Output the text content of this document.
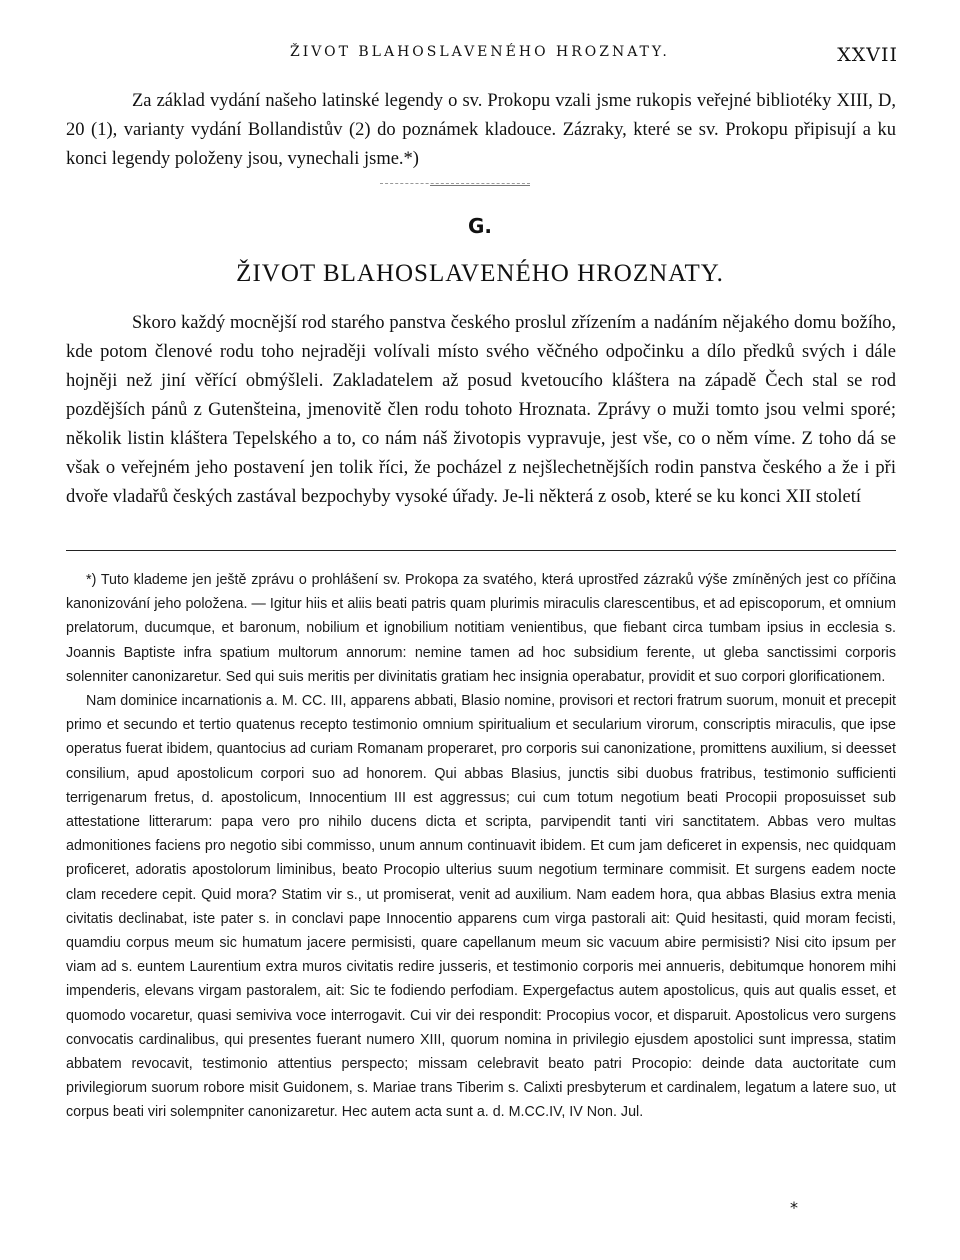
ŽIVOT BLAHOSLAVENÉHO HROZNATY.	XXVII

Za základ vydání našeho latinské legendy o sv. Prokopu vzali jsme rukopis veřejné bibliotéky XIII, D, 20 (1), varianty vydání Bollandistův (2) do poznámek kladouce. Zázraky, které se sv. Prokopu připisují a ku konci legendy položeny jsou, vynechali jsme.*)

G.
ŽIVOT BLAHOSLAVENÉHO HROZNATY.

Skoro každý mocnější rod starého panstva českého proslul zřízením a nadáním nějakého domu božího, kde potom členové rodu toho nejraději volívali místo svého věčného odpočinku a dílo předků svých i dále hojněji než jiní věřící obmýšleli. Zakladatelem až posud kvetoucího kláštera na západě Čech stal se rod pozdějších pánů z Gutenšteina, jmenovitě člen rodu tohoto Hroznata. Zprávy o muži tomto jsou velmi sporé; několik listin kláštera Tepelského a to, co nám náš životopis vypravuje, jest vše, co o něm víme. Z toho dá se však o veřejném jeho postavení jen tolik říci, že pocházel z nejšlechetnějších rodin panstva českého a že i při dvoře vladařů českých zastával bezpochyby vysoké úřady. Je-li některá z osob, které se ku konci XII století

*) Tuto klademe jen ještě zprávu o prohlášení sv. Prokopa za svatého, která uprostřed zázraků výše zmíněných jest co příčina kanonizování jeho položena. — Igitur hiis et aliis beati patris quam plurimis miraculis clarescentibus, et ad episcoporum, et omnium prelatorum, ducumque, et baronum, nobilium et ignobilium notitiam venientibus, que fiebant circa tumbam ipsius in ecclesia s. Joannis Baptiste infra spatium multorum annorum: nemine tamen ad hoc subsidium ferente, ut gleba sanctissimi corporis solenniter canonizaretur. Sed qui suis meritis per divinitatis gratiam hec insignia operabatur, providit et suo corpori glorificationem.

Nam dominice incarnationis a. M. CC. III, apparens abbati, Blasio nomine, provisori et rectori fratrum suorum, monuit et precepit primo et secundo et tertio quatenus recepto testimonio omnium spiritualium et secularium virorum, conscriptis miraculis, que ipse operatus fuerat ibidem, quantocius ad curiam Romanam properaret, pro corporis sui canonizatione, promittens auxilium, si deesset consilium, apud apostolicum corpori suo ad honorem. Qui abbas Blasius, junctis sibi duobus fratribus, testimonio sufficienti terrigenarum fretus, d. apostolicum, Innocentium III est aggressus; cui cum totum negotium beati Procopii proposuisset sub attestatione litterarum: papa vero pro nihilo ducens dicta et scripta, parvipendit tanti viri sanctitatem. Abbas vero multas admonitiones faciens pro negotio sibi commisso, unum annum continuavit ibidem. Et cum jam deficeret in expensis, nec quidquam proficeret, adoratis apostolorum liminibus, beato Procopio ulterius suum negotium terminare commisit. Et surgens eadem nocte clam recedere cepit. Quid mora? Statim vir s., ut promiserat, venit ad auxilium. Nam eadem hora, qua abbas Blasius extra menia civitatis declinabat, iste pater s. in conclavi pape Innocentio apparens cum virga pastorali ait: Quid hesitasti, quid moram fecisti, quamdiu corpus meum sic humatum jacere permisisti, quare capellanum meum sic vacuum abire permisisti? Nisi cito ipsum per viam ad s. euntem Laurentium extra muros civitatis redire jusseris, et testimonio corporis mei annueris, debitumque honorem mihi impenderis, elevans virgam pastoralem, ait: Sic te fodiendo perfodiam. Expergefactus autem apostolicus, quis aut qualis esset, et quomodo vocaretur, quasi semiviva voce interrogavit. Cui vir dei respondit: Procopius vocor, et disparuit. Apostolicus vero surgens convocatis cardinalibus, qui presentes fuerant numero XIII, quorum nomina in privilegio ejusdem apostolici sunt impressa, statim abbatem revocavit, testimonio attentius perspecto; missam celebravit beato patri Procopio: deinde data auctoritate cum privilegiorum suorum robore misit Guidonem, s. Mariae trans Tiberim s. Calixti presbyterum et cardinalem, legatum a latere suo, ut corpus beati viri solempniter canonizaretur. Hec autem acta sunt a. d. M.CC.IV, IV Non. Jul.

*
